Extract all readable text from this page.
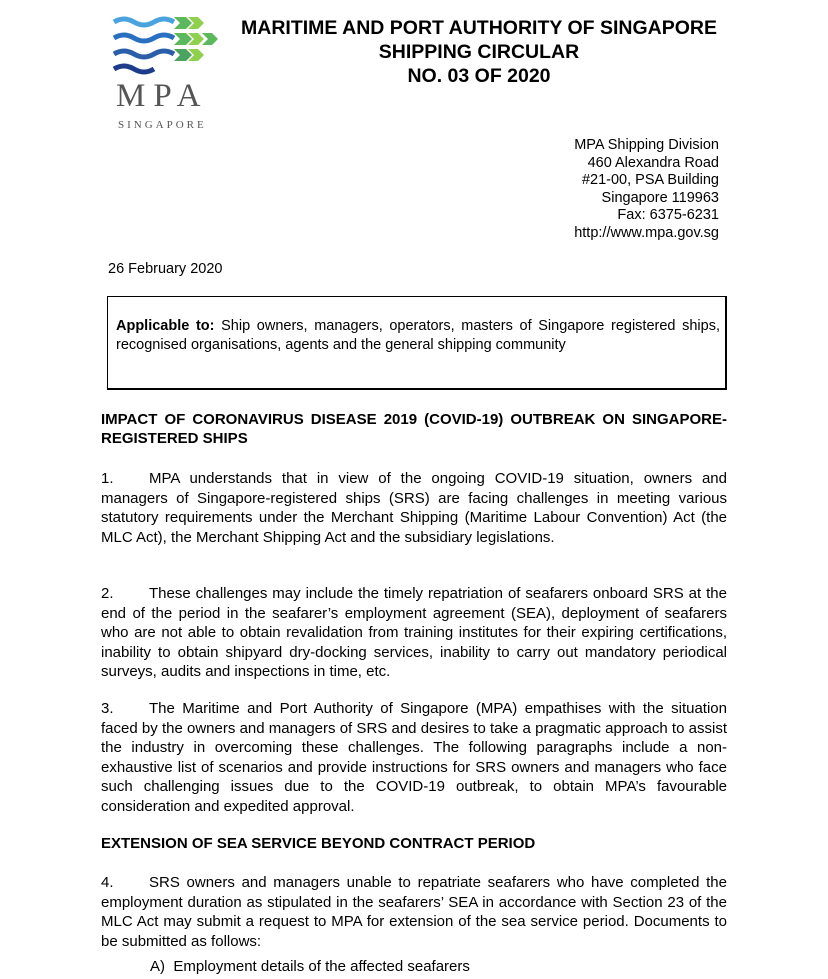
MPA
SINGAPORE
MARITIME AND PORT AUTHORITY OF SINGAPORE
SHIPPING CIRCULAR
NO. 03 OF 2020
MPA Shipping Division
460 Alexandra Road
#21-00, PSA Building
Singapore 119963
Fax: 6375-6231
http://www.mpa.gov.sg
26 February 2020
Applicable to: Ship owners, managers, operators, masters of Singapore registered ships, recognised organisations, agents and the general shipping community
IMPACT OF CORONAVIRUS DISEASE 2019 (COVID-19) OUTBREAK ON SINGAPORE-REGISTERED SHIPS
1. MPA understands that in view of the ongoing COVID-19 situation, owners and managers of Singapore-registered ships (SRS) are facing challenges in meeting various statutory requirements under the Merchant Shipping (Maritime Labour Convention) Act (the MLC Act), the Merchant Shipping Act and the subsidiary legislations.
2. These challenges may include the timely repatriation of seafarers onboard SRS at the end of the period in the seafarer’s employment agreement (SEA), deployment of seafarers who are not able to obtain revalidation from training institutes for their expiring certifications, inability to obtain shipyard dry-docking services, inability to carry out mandatory periodical surveys, audits and inspections in time, etc.
3. The Maritime and Port Authority of Singapore (MPA) empathises with the situation faced by the owners and managers of SRS and desires to take a pragmatic approach to assist the industry in overcoming these challenges. The following paragraphs include a non-exhaustive list of scenarios and provide instructions for SRS owners and managers who face such challenging issues due to the COVID-19 outbreak, to obtain MPA’s favourable consideration and expedited approval.
EXTENSION OF SEA SERVICE BEYOND CONTRACT PERIOD
4. SRS owners and managers unable to repatriate seafarers who have completed the employment duration as stipulated in the seafarers’ SEA in accordance with Section 23 of the MLC Act may submit a request to MPA for extension of the sea service period. Documents to be submitted as follows:
A) Employment details of the affected seafarers
